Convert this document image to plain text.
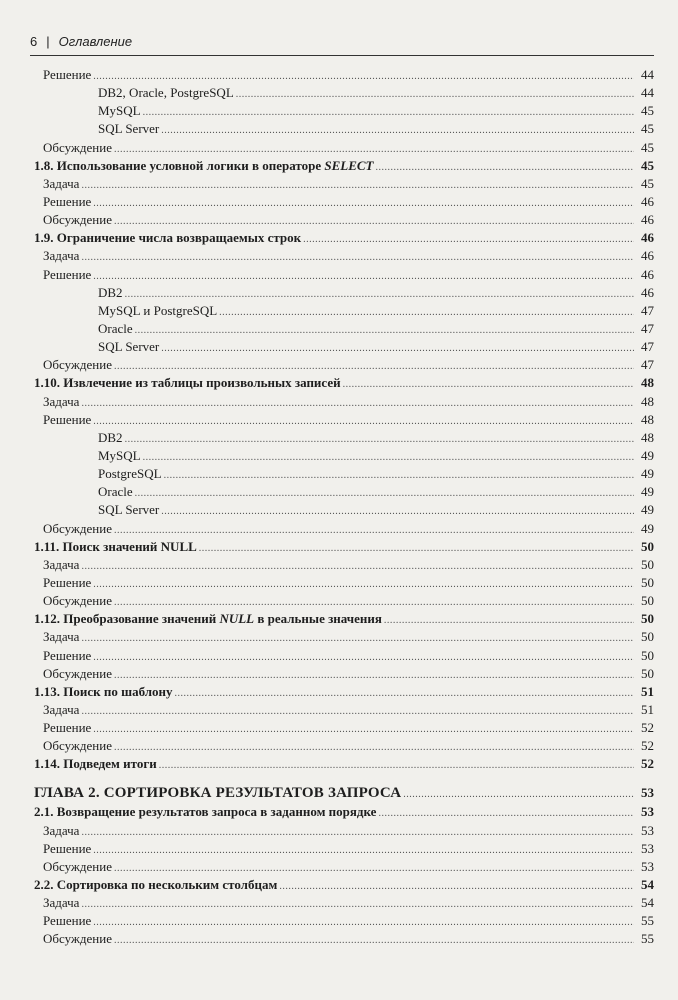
6 | Оглавление
Решение .....	44
DB2, Oracle, PostgreSQL .....	44
MySQL .....	45
SQL Server .....	45
Обсуждение .....	45
1.8. Использование условной логики в операторе SELECT .....	45
Задача .....	45
Решение .....	46
Обсуждение .....	46
1.9. Ограничение числа возвращаемых строк .....	46
Задача .....	46
Решение .....	46
DB2 .....	46
MySQL и PostgreSQL .....	47
Oracle .....	47
SQL Server .....	47
Обсуждение .....	47
1.10. Извлечение из таблицы произвольных записей .....	48
Задача .....	48
Решение .....	48
DB2 .....	48
MySQL .....	49
PostgreSQL .....	49
Oracle .....	49
SQL Server .....	49
Обсуждение .....	49
1.11. Поиск значений NULL .....	50
Задача .....	50
Решение .....	50
Обсуждение .....	50
1.12. Преобразование значений NULL в реальные значения .....	50
Задача .....	50
Решение .....	50
Обсуждение .....	50
1.13. Поиск по шаблону .....	51
Задача .....	51
Решение .....	52
Обсуждение .....	52
1.14. Подведем итоги .....	52
ГЛАВА 2. СОРТИРОВКА РЕЗУЛЬТАТОВ ЗАПРОСА .....	53
2.1. Возвращение результатов запроса в заданном порядке .....	53
Задача .....	53
Решение .....	53
Обсуждение .....	53
2.2. Сортировка по нескольким столбцам .....	54
Задача .....	54
Решение .....	55
Обсуждение .....	55
